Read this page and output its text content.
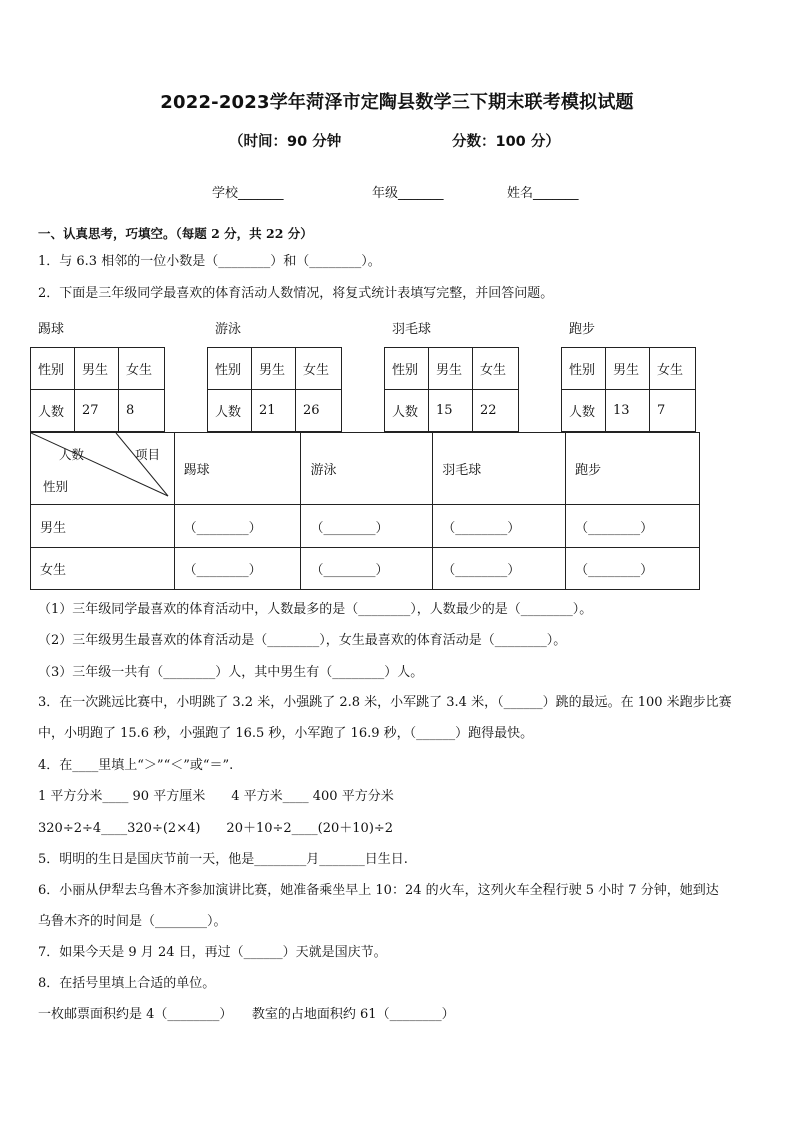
2022-2023学年菏泽市定陶县数学三下期末联考模拟试题
（时间：90 分钟	分数：100 分）
学校_______	年级_______	姓名_______
一、认真思考，巧填空。（每题 2 分，共 22 分）
1．与 6.3 相邻的一位小数是（________）和（________）。
2．下面是三年级同学最喜欢的体育活动人数情况，将复式统计表填写完整，并回答问题。
踢球	游泳	羽毛球	跑步
性别	男生	女生
人数	27	8
性别	男生	女生
人数	21	26
性别	男生	女生
人数	15	22
性别	男生	女生
人数	13	7
人数 项目
性别	踢球	游泳	羽毛球	跑步
男生	（________）	（________）	（________）	（________）
女生	（________）	（________）	（________）	（________）
（1）三年级同学最喜欢的体育活动中，人数最多的是（________），人数最少的是（________）。
（2）三年级男生最喜欢的体育活动是（________），女生最喜欢的体育活动是（________）。
（3）三年级一共有（________）人，其中男生有（________）人。
3．在一次跳远比赛中，小明跳了 3.2 米，小强跳了 2.8 米，小军跳了 3.4 米，（______）跳的最远。在 100 米跑步比赛
中，小明跑了 15.6 秒，小强跑了 16.5 秒，小军跑了 16.9 秒，（______）跑得最快。
4．在____里填上“＞”“＜”或“＝”.
1 平方分米____ 90 平方厘米　　4 平方米____ 400 平方分米
320÷2÷4____320÷(2×4)　　20＋10÷2____(20＋10)÷2
5．明明的生日是国庆节前一天，他是________月_______日生日.
6．小丽从伊犁去乌鲁木齐参加演讲比赛，她准备乘坐早上 10：24 的火车，这列火车全程行驶 5 小时 7 分钟，她到达
乌鲁木齐的时间是（________）。
7．如果今天是 9 月 24 日，再过（______）天就是国庆节。
8．在括号里填上合适的单位。
一枚邮票面积约是 4（________）　　教室的占地面积约 61（________）
